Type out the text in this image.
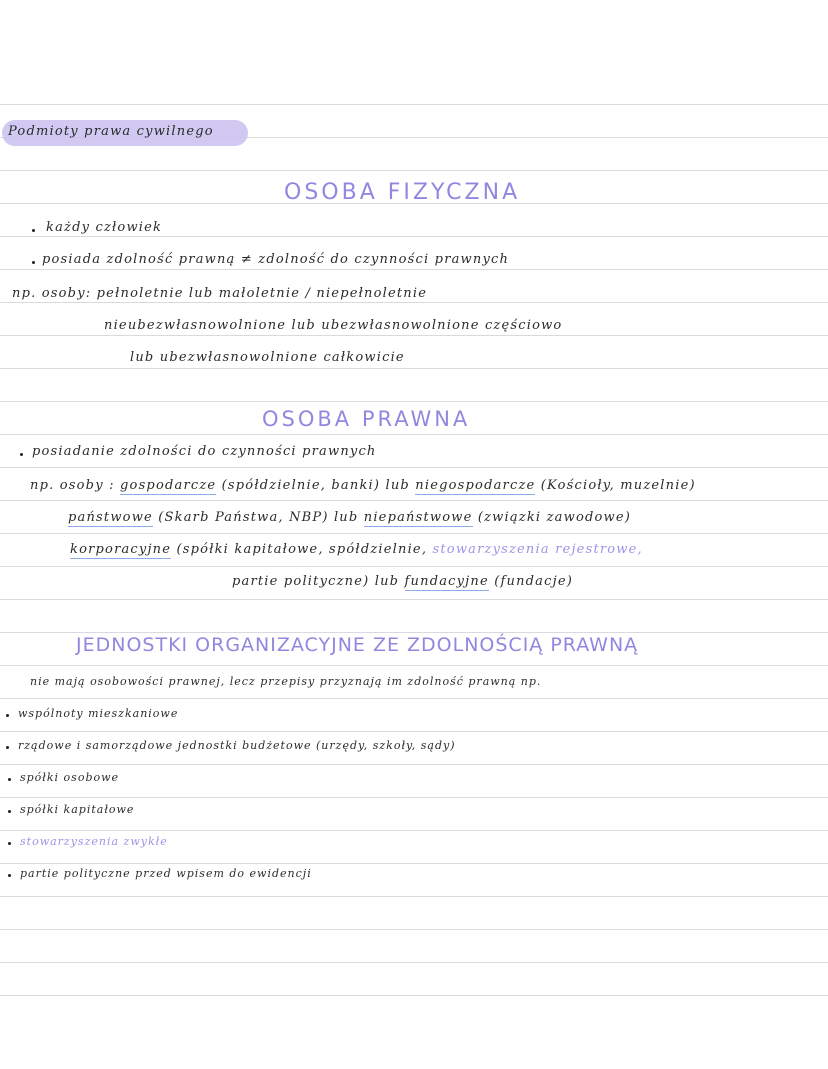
Podmioty prawa cywilnego
OSOBA FIZYCZNA
każdy człowiek
posiada zdolność prawną ≠ zdolność do czynności prawnych
np. osoby: pełnoletnie lub małoletnie / niepełnoletnie
nieubezwłasnowolnione lub ubezwłasnowolnione częściowo
lub ubezwłasnowolnione całkowicie
OSOBA PRAWNA
posiadanie zdolności do czynności prawnych
np. osoby : gospodarcze (spółdzielnie, banki) lub niegospodarcze (Kościoły, muzelnie)
państwowe (Skarb Państwa, NBP) lub niepaństwowe (związki zawodowe)
korporacyjne (spółki kapitałowe, spółdzielnie, stowarzyszenia rejestrowe,
partie polityczne) lub fundacyjne (fundacje)
JEDNOSTKI ORGANIZACYJNE ZE ZDOLNOŚCIĄ PRAWNĄ
nie mają osobowości prawnej, lecz przepisy przyznają im zdolność prawną np.
wspólnoty mieszkaniowe
rządowe i samorządowe jednostki budżetowe (urzędy, szkoły, sądy)
spółki osobowe
spółki kapitałowe
stowarzyszenia zwykłe
partie polityczne przed wpisem do ewidencji
